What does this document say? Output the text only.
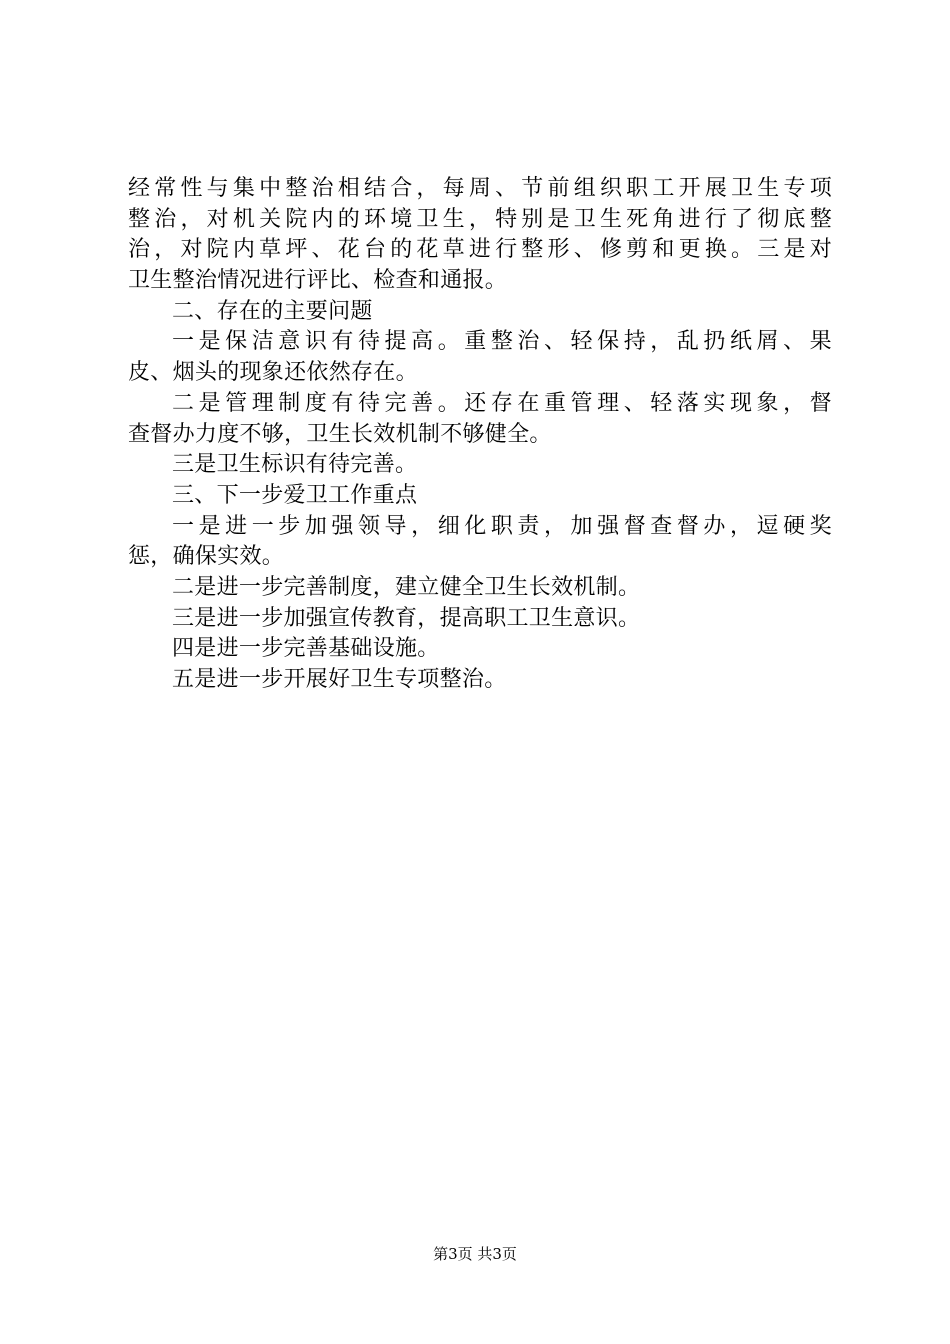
经常性与集中整治相结合，每周、节前组织职工开展卫生专项
整治，对机关院内的环境卫生，特别是卫生死角进行了彻底整
治，对院内草坪、花台的花草进行整形、修剪和更换。三是对
卫生整治情况进行评比、检查和通报。
二、存在的主要问题
一是保洁意识有待提高。重整治、轻保持，乱扔纸屑、果
皮、烟头的现象还依然存在。
二是管理制度有待完善。还存在重管理、轻落实现象，督
查督办力度不够，卫生长效机制不够健全。
三是卫生标识有待完善。
三、下一步爱卫工作重点
一是进一步加强领导，细化职责，加强督查督办，逗硬奖
惩，确保实效。
二是进一步完善制度，建立健全卫生长效机制。
三是进一步加强宣传教育，提高职工卫生意识。
四是进一步完善基础设施。
五是进一步开展好卫生专项整治。
第3页 共3页
